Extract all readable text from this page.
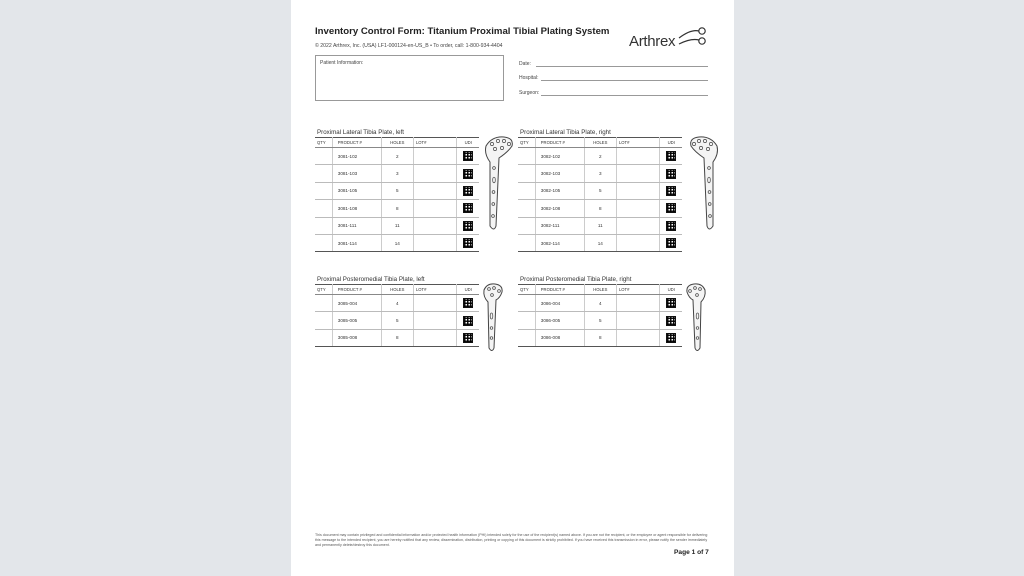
Inventory Control Form: Titanium Proximal Tibial Plating System
© 2022 Arthrex, Inc. (USA) LF1-000124-en-US_B • To order, call: 1-800-934-4404	Arthrex
Patient Information:	Date:
Hospital:
Surgeon:
Proximal Lateral Tibia Plate, left
QTY	PRODUCT #	HOLES	LOT#	UDI
	3081-102	2		
	3081-103	3		
	3081-105	5		
	3081-108	8		
	3081-111	11		
	3081-114	14		
Proximal Lateral Tibia Plate, right
QTY	PRODUCT #	HOLES	LOT#	UDI
	3082-102	2		
	3082-103	3		
	3082-105	5		
	3082-108	8		
	3082-111	11		
	3082-114	14		
Proximal Posteromedial Tibia Plate, left
QTY	PRODUCT #	HOLES	LOT#	UDI
	3085-004	4		
	3085-005	5		
	3085-008	8		
Proximal Posteromedial Tibia Plate, right
QTY	PRODUCT #	HOLES	LOT#	UDI
	3086-004	4		
	3086-005	5		
	3086-008	8		
This document may contain privileged and confidential information and/or protected health information (PHI) intended solely for the use of the recipient(s) named above. If you are not the recipient, or the employee or agent responsible for delivering this message to the intended recipient, you are hereby notified that any review, dissemination, distribution, printing or copying of this document is strictly prohibited. If you have received this transmission in error, please notify the sender immediately and permanently delete/destroy this document.
Page 1 of 7
